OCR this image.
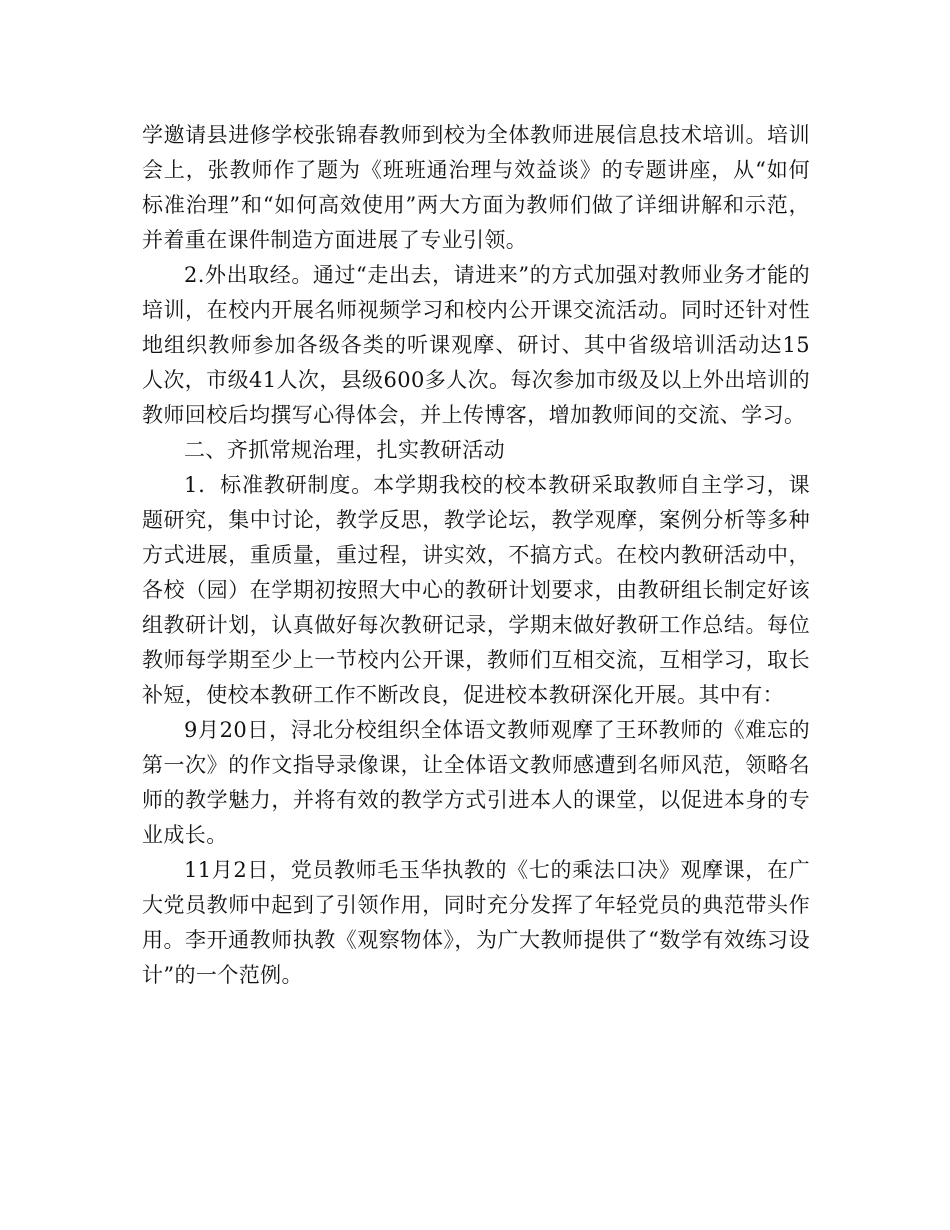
学邀请县进修学校张锦春教师到校为全体教师进展信息技术培训。培训会上，张教师作了题为《班班通治理与效益谈》的专题讲座，从“如何标准治理”和“如何高效使用”两大方面为教师们做了详细讲解和示范，并着重在课件制造方面进展了专业引领。

2.外出取经。通过“走出去，请进来”的方式加强对教师业务才能的培训，在校内开展名师视频学习和校内公开课交流活动。同时还针对性地组织教师参加各级各类的听课观摩、研讨、其中省级培训活动达15人次，市级41人次，县级600多人次。每次参加市级及以上外出培训的教师回校后均撰写心得体会，并上传博客，增加教师间的交流、学习。

二、齐抓常规治理，扎实教研活动

1．标准教研制度。本学期我校的校本教研采取教师自主学习，课题研究，集中讨论，教学反思，教学论坛，教学观摩，案例分析等多种方式进展，重质量，重过程，讲实效，不搞方式。在校内教研活动中，各校（园）在学期初按照大中心的教研计划要求，由教研组长制定好该组教研计划，认真做好每次教研记录，学期末做好教研工作总结。每位教师每学期至少上一节校内公开课，教师们互相交流，互相学习，取长补短，使校本教研工作不断改良，促进校本教研深化开展。其中有：

9月20日，浔北分校组织全体语文教师观摩了王环教师的《难忘的第一次》的作文指导录像课，让全体语文教师感遭到名师风范，领略名师的教学魅力，并将有效的教学方式引进本人的课堂，以促进本身的专业成长。

11月2日，党员教师毛玉华执教的《七的乘法口决》观摩课，在广大党员教师中起到了引领作用，同时充分发挥了年轻党员的典范带头作用。李开通教师执教《观察物体》，为广大教师提供了“数学有效练习设计”的一个范例。
